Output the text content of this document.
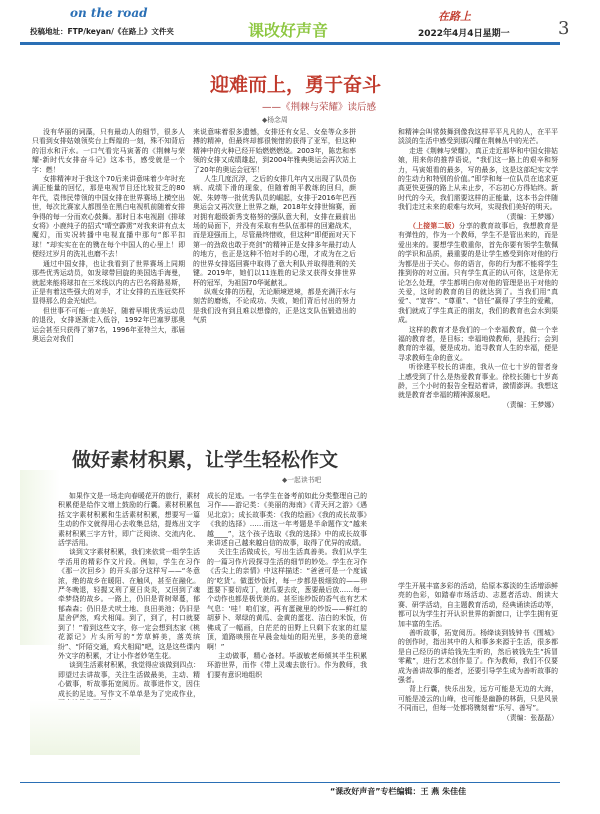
on the road
投稿地址：FTP/keyan/《在路上》文件夹	课改好声音
在路上
2022年4月4日星期一	3
迎难而上，勇于奋斗
——《荆棘与荣耀》读后感
◆杨念周

没有华丽的词藻，只有最动人的细节，很多人只看到女排姑娘领奖台上辉煌的一刻，殊不知背后的泪水和汗水。一口气看完马寅著的《荆棘与荣耀-新时代女排奋斗记》这本书，感受就是一个字：燃！

女排精神对于我这个70后来讲意味着少年时充满正能量的回忆，那是电视节目还比较贫乏的80年代，袁伟民带领的中国女排在世界赛场上横空出世，每次比赛家人都围坐在黑白电视机前随着女排争得的每一分而欢心鼓舞。那时日本电视剧《排球女将》小鹿纯子的招式“晴空霹雳”对我来讲有点太魔幻，而实况转播中电视直播中那句“郎平扣球！”却实实在在的镌在每个中国人的心里上！即便经过岁月的洗礼也磨不去！

通过中国女排，也让我看到了世界赛场上同期那些优秀运动员，如发球带回旋的美国选手海曼，就起来能将球扣在三米线以内的古巴名将路易斯，正是有着这些强大的对手，才让女排的五连冠奖杯显得那么的金光灿烂。

但世事不可能一直美好，随着早期优秀运动员的退役，女排逐渐走入低谷，1992年巴塞罗那奥运会甚至只获得了第7名，1996年亚特兰大，那届奥运会对我们

来说意味着很多遗憾，女排还有女足、女垒等众多拼搏的精神，但最终却都很惋惜的获得了亚军，但这种精神中的火种已经开始燃燃燃烧。2003年，陈忠和率领的女排又成绩雄起，到2004年雅典奥运会再次站上了20年的奥运会冠军！

人生几度沉浮，之后的女排几年内又出现了队员伤病、成绩下滑的现象，但随着朗平教练的回归，颜妮、朱婷等一批优秀队员的崛起，女排于2016年巴西奥运会又再次登上世界之巅，2018年女排世锦赛，面对拥有超级新秀支格努的强队意大利，女排在最前出场的局面下，并没有采取有些队伍那样的回避战术，而是迎强而上，尽管最终惜败，但这种“即便面对天下第一的劲敌也敢于亮剑”的精神正是女排多年最打动人的地方，也正是这种不怕对手的心理，才成为在之后的世界女排巡回赛中取得了意大利队并取得胜利的关键。2019年，她们以11连胜的记录又获得女排世界杯的冠军，为祖国70华诞献礼。

纵观女排的历程，无论顺境逆境，都是充满汗水与刻苦的磨炼，不论成功、失败，她们背后付出的努力是我们没有到且难以想像的，正是这支队伍锻造出的气质

和精神会叫常鼓舞到像我这样平平凡凡的人，在平平淡淡的生活中感受到那闪耀在荆棘丛中的光芒。

走进《荆棘与荣耀》，真正走近那华和中国女排姑娘，用来你的推荐语说，“我们这一路上的艰辛和努力，马寅姐看的最多，写的最多，这是这部纪实文学的生动力和特别的价值。”即学和每一位队员在追求更高更快更强的路上从未止步，不忘初心方得始终。新时代的今天，我们需要这样的正能量，这本书会伴随我们走过未来的艰难与坎坷，实现我们美好的明天。

（责编：王梦娜）

（上接第二版）分享的教育故事后，我想教育是有弹性的，作为一个教师，学生不是管出来的，而是爱出来的。要想学生敬重你，首先你要有领学生敬佩的学识和品质，最重要的是让学生感受到你对他的行为都是出于关心。你的语言，你的行为都不能将学生推到你的对立面。只有学生真正的认可你，这是你无论怎么处理，学生都明白你对他的管理是出于对他的关爱，这时的教育的目的就达到了。当我们用“真爱”、“宽容”、“尊重”、“信任”赢得了学生的爱戴，我们就成了学生真正的朋友，我们的教育也会水到渠成。

这样的教育才是我们的一个幸福教育，做一个幸福的教育者，是目标；幸福地做教师，是践行；会到教育的幸福，便是成功。追寻教育人生的幸福，便是寻求教师生命的意义。

听徐建平校长的讲座，我从一位七十岁的智者身上感受到了什么是热爱教育事业。徐校长随七十岁高龄，三个小时的报告全程站着讲，激情澎湃。我想这就是教育者幸福的精神源泉吧。

（责编：王梦娜）

做好素材积累，让学生轻松作文
◆一起读书吧

如果作文是一场走向春暖花开的旅行，素材积累便是给作文增上鼓励的行囊。素材积累包括文字素材积累和生活素材积累，想要写一篇生动的作文就得用心去收集总结，提炼出文字素材积累三字方针，即广泛阅读、交流内化、活学活用。

谈到文字素材积累，我们来依赏一组学生活学活用的精彩作文片段。例如，学生在习作《那一次回乡》的开头部分这样写——“冬意浓，绝的故乡在暖阳、在触风，甚至在融化。严冬晚退，轻握又刑了夏日炎炎，又回到了魂牵梦绕的故乡。一路上，仍旧是青树翠蔓，郁郁森森；仍旧是犬吠土地、良田美池；仍旧是屋舍俨然，鸡犬相闻。到了，到了，村口就要到了！”看到这些文字，你一定会想到杰家《桃花源记》片头所写的“芳草鲜美，落英缤纷”、“阡陌交通，鸡犬相闻”吧，这是这些课内外文字的积累，才让小作者妙笔生花。

谈到生活素材积累，我觉得应该做到四点：即望过去讲故事，关注生活做最美，主动、精心做事，听故事拓宽阅历。故事进作文，因住成长的足迹。写作文不单单是为了完成作业，

成长的足迹。一名学生在备考前如此分类整理自己的习作——游记类：《美丽的海南》《青天河之游》《遇见北京》；成长故事类：《我的绘画》《我的成长故事》《我的选择》……而这一年考题是半命题作文“越来越____”，这个孩子选取《我的选择》中的成长故事来讲述自己越来越自信的故事，取得了优异的成绩。

关注生活做成长，写出生活真善美。我们从学生的一篇习作片段探寻生活的细节的妙处。学生在习作《舌尖上的亲情》中这样描述：“爸爸可是一个度诚的‘吃货’。做蛋炒饭时，每一步都是极细致的——卵蛋要下要切成丁，就瓜要去皮，葱要最后放……每一个动作也都是极优美的。甚至连炒饭的香气也有艺术气息：‘哇！咱们家，再有蛋碗里的炒饭——鲜红的胡萝卜、翠绿的黄瓜、金黄的蛋花、洁白的米饭，仿佛成了一幅画，白茫茫的田野上只剩下农家的红屋顶，道路映照在早晨金灿灿的阳光里，多美的意境啊！”

主动做事，精心备材。毕淑敏老师倾其半生积累环游世界，而作《带上灵魂去旅行》。作为教师，我们要有意识地组织

学生开展丰富多彩的活动，给原本寡淡的生活增添鲜亮的色彩，如踏春市场活动、志愿者活动、朗读大赛、研学活动，自主题教育活动，经典诵读活动等，都可以为学生打开认识世界的新窗口，让学生拥有更加丰富的生活。

善听故事，拓宽阅历。杨绛谈到钱钟书《围城》的创作时，指出其中的人和事多来源于生活，很多都是自己经历的讲给钱先生听的，然后被钱先生“拆冒零戴”，进行艺术创作显了。作为教师，我们不仅要成为善讲故事的能者，还要引导学生成为善听故事的强者。

背上行囊，快乐出发，远方可能是无边的大海，可能是凌云的山峰，也可能是幽静的林荫，只是风景不同而已，但每一处都将镌刻着“乐写、善写”。

（责编：张磊磊）

“课改好声音”专栏编辑：王 燕 朱佳佳
